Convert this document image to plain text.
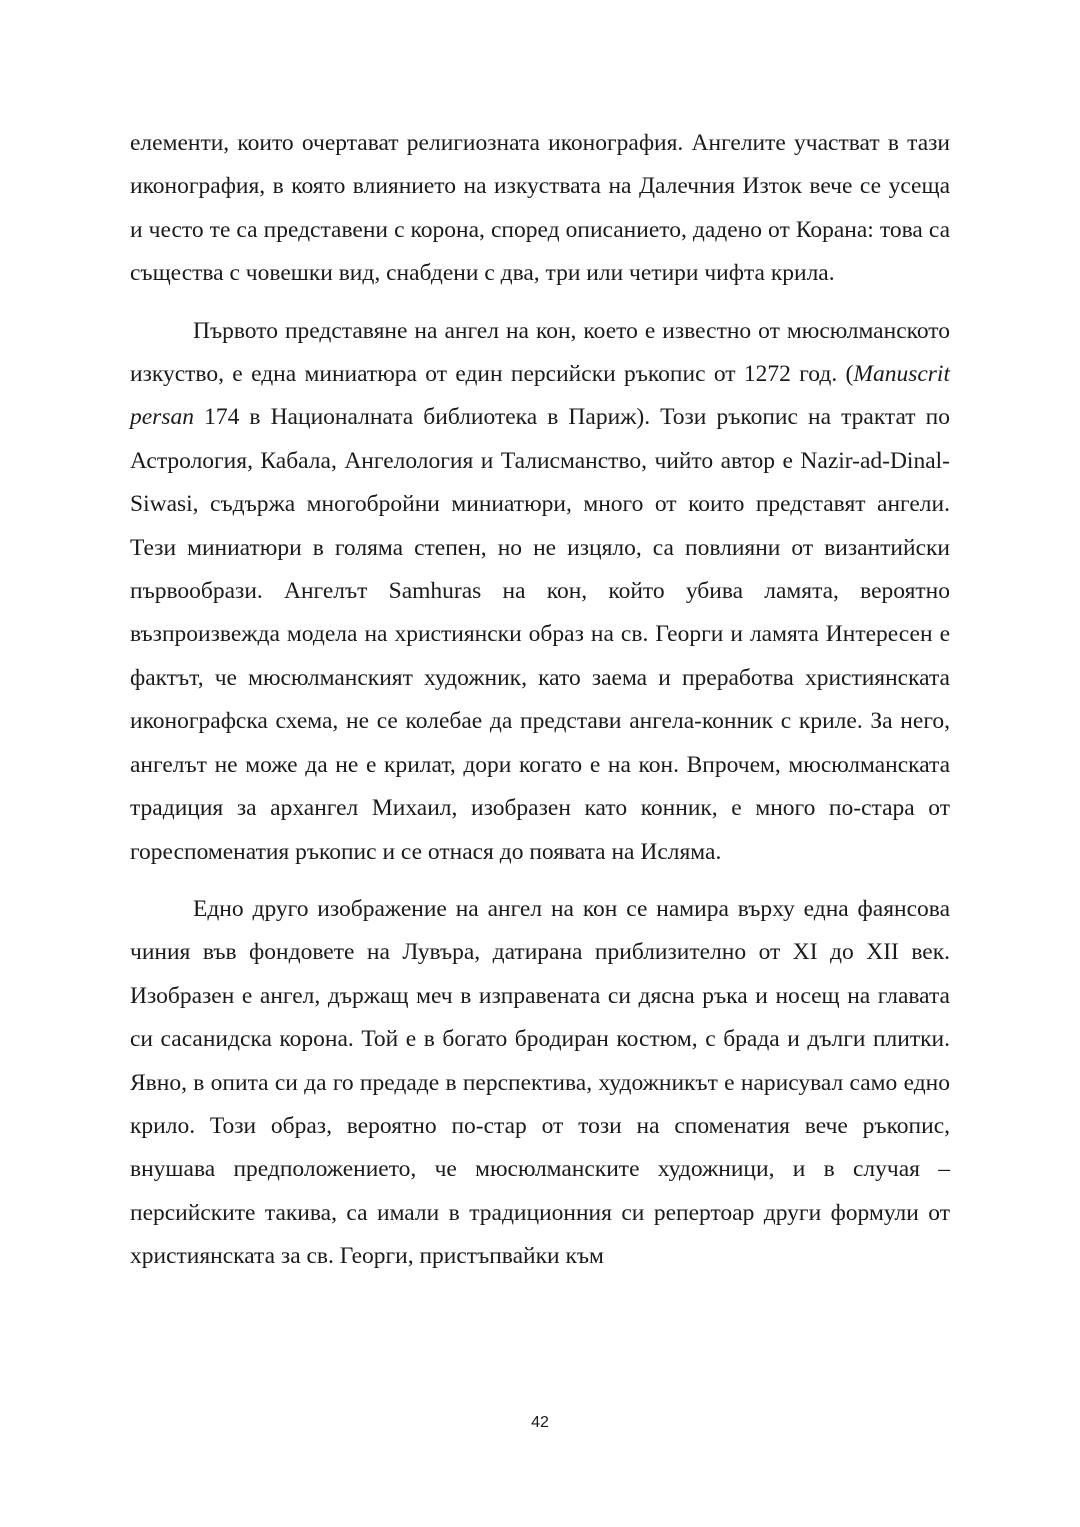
елементи, които очертават религиозната иконография. Ангелите участват в тази иконография, в която влиянието на изкуствата на Далечния Изток вече се усеща и често те са представени с корона, според описанието, дадено от Корана: това са същества с човешки вид, снабдени с два, три или четири чифта крила.

Първото представяне на ангел на кон, което е известно от мюсюлманското изкуство, е една миниатюра от един персийски ръкопис от 1272 год. (Manuscrit persan 174 в Националната библиотека в Париж). Този ръкопис на трактат по Астрология, Кабала, Ангелология и Талисманство, чийто автор е Nazir-ad-Dinal-Siwasi, съдържа многобройни миниатюри, много от които представят ангели. Тези миниатюри в голяма степен, но не изцяло, са повлияни от византийски първообрази. Ангелът Samhuras на кон, който убива ламята, вероятно възпроизвежда модела на християнски образ на св. Георги и ламята Интересен е фактът, че мюсюлманският художник, като заема и преработва християнската иконографска схема, не се колебае да представи ангела-конник с криле. За него, ангелът не може да не е крилат, дори когато е на кон. Впрочем, мюсюлманската традиция за архангел Михаил, изобразен като конник, е много по-стара от гореспоменатия ръкопис и се отнася до появата на Исляма.

Едно друго изображение на ангел на кон се намира върху една фаянсова чиния във фондовете на Лувъра, датирана приблизително от XI до XII век. Изобразен е ангел, държащ меч в изправената си дясна ръка и носещ на главата си сасанидска корона. Той е в богато бродиран костюм, с брада и дълги плитки. Явно, в опита си да го предаде в перспектива, художникът е нарисувал само едно крило. Този образ, вероятно по-стар от този на споменатия вече ръкопис, внушава предположението, че мюсюлманските художници, и в случая – персийските такива, са имали в традиционния си репертоар други формули от християнската за св. Георги, пристъпвайки към

42
